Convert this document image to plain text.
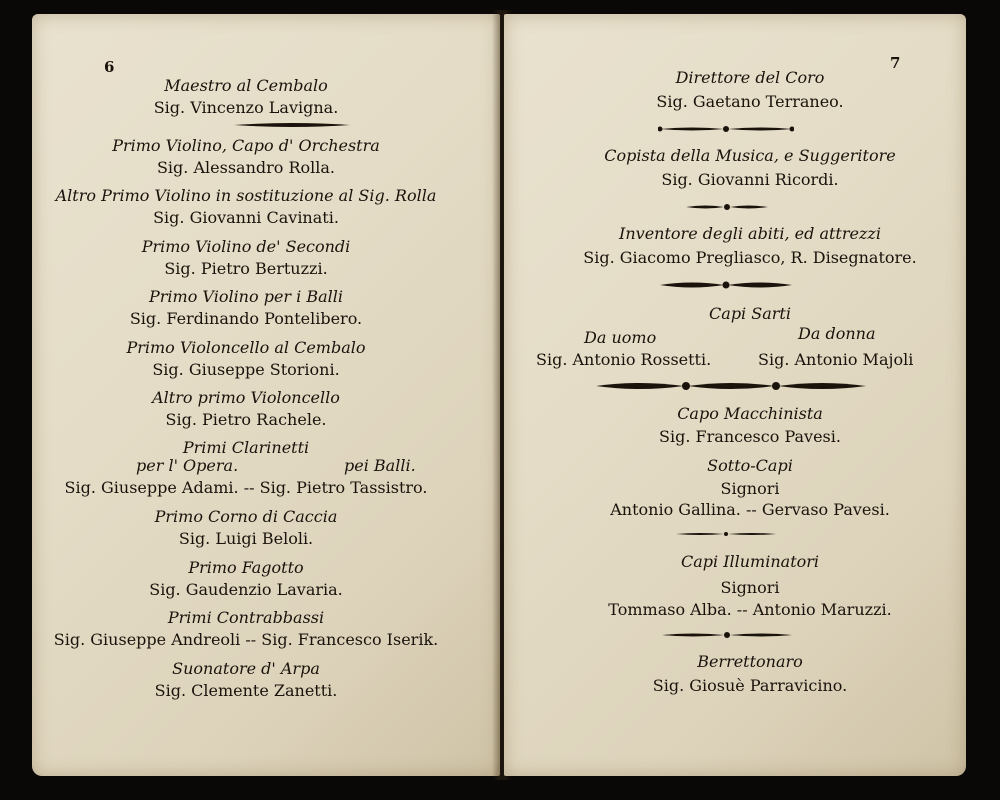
6
Maestro al Cembalo
Sig. Vincenzo Lavigna.
Primo Violino, Capo d' Orchestra
Sig. Alessandro Rolla.
Altro Primo Violino in sostituzione al Sig. Rolla
Sig. Giovanni Cavinati.
Primo Violino de' Secondi
Sig. Pietro Bertuzzi.
Primo Violino per i Balli
Sig. Ferdinando Pontelibero.
Primo Violoncello al Cembalo
Sig. Giuseppe Storioni.
Altro primo Violoncello
Sig. Pietro Rachele.
Primi Clarinetti
per l' Opera.	pei Balli.
Sig. Giuseppe Adami. -- Sig. Pietro Tassistro.
Primo Corno di Caccia
Sig. Luigi Beloli.
Primo Fagotto
Sig. Gaudenzio Lavaria.
Primi Contrabbassi
Sig. Giuseppe Andreoli -- Sig. Francesco Iserik.
Suonatore d' Arpa
Sig. Clemente Zanetti.
7
Direttore del Coro
Sig. Gaetano Terraneo.
Copista della Musica, e Suggeritore
Sig. Giovanni Ricordi.
Inventore degli abiti, ed attrezzi
Sig. Giacomo Pregliasco, R. Disegnatore.
Capi Sarti
Da uomo	Da donna
Sig. Antonio Rossetti.	Sig. Antonio Majoli
Capo Macchinista
Sig. Francesco Pavesi.
Sotto-Capi
Signori
Antonio Gallina. -- Gervaso Pavesi.
Capi Illuminatori
Signori
Tommaso Alba. -- Antonio Maruzzi.
Berrettonaro
Sig. Giosuè Parravicino.
